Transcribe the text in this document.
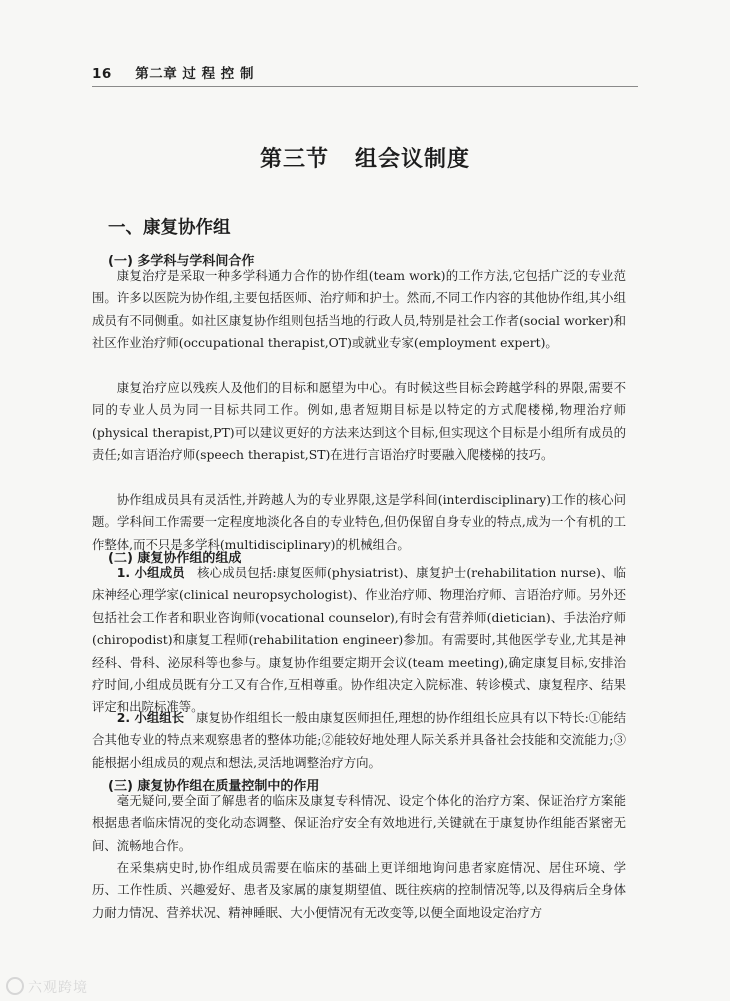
16 第二章 过 程 控 制
第三节 组会议制度
一、康复协作组
(一) 多学科与学科间合作

康复治疗是采取一种多学科通力合作的协作组(team work)的工作方法,它包括广泛的专业范围。许多以医院为协作组,主要包括医师、治疗师和护士。然而,不同工作内容的其他协作组,其小组成员有不同侧重。如社区康复协作组则包括当地的行政人员,特别是社会工作者(social worker)和社区作业治疗师(occupational therapist,OT)或就业专家(employment expert)。

康复治疗应以残疾人及他们的目标和愿望为中心。有时候这些目标会跨越学科的界限,需要不同的专业人员为同一目标共同工作。例如,患者短期目标是以特定的方式爬楼梯,物理治疗师(physical therapist,PT)可以建议更好的方法来达到这个目标,但实现这个目标是小组所有成员的责任;如言语治疗师(speech therapist,ST)在进行言语治疗时要融入爬楼梯的技巧。

协作组成员具有灵活性,并跨越人为的专业界限,这是学科间(interdisciplinary)工作的核心问题。学科间工作需要一定程度地淡化各自的专业特色,但仍保留自身专业的特点,成为一个有机的工作整体,而不只是多学科(multidisciplinary)的机械组合。

(二) 康复协作组的组成

1. 小组成员 核心成员包括:康复医师(physiatrist)、康复护士(rehabilitation nurse)、临床神经心理学家(clinical neuropsychologist)、作业治疗师、物理治疗师、言语治疗师。另外还包括社会工作者和职业咨询师(vocational counselor),有时会有营养师(dietician)、手法治疗师(chiropodist)和康复工程师(rehabilitation engineer)参加。有需要时,其他医学专业,尤其是神经科、骨科、泌尿科等也参与。康复协作组要定期开会议(team meeting),确定康复目标,安排治疗时间,小组成员既有分工又有合作,互相尊重。协作组决定入院标准、转诊模式、康复程序、结果评定和出院标准等。

2. 小组组长 康复协作组组长一般由康复医师担任,理想的协作组组长应具有以下特长:①能结合其他专业的特点来观察患者的整体功能;②能较好地处理人际关系并具备社会技能和交流能力;③能根据小组成员的观点和想法,灵活地调整治疗方向。

(三) 康复协作组在质量控制中的作用

毫无疑问,要全面了解患者的临床及康复专科情况、设定个体化的治疗方案、保证治疗方案能根据患者临床情况的变化动态调整、保证治疗安全有效地进行,关键就在于康复协作组能否紧密无间、流畅地合作。

在采集病史时,协作组成员需要在临床的基础上更详细地询问患者家庭情况、居住环境、学历、工作性质、兴趣爱好、患者及家属的康复期望值、既往疾病的控制情况等,以及得病后全身体力耐力情况、营养状况、精神睡眠、大小便情况有无改变等,以便全面地设定治疗方

六观跨境
